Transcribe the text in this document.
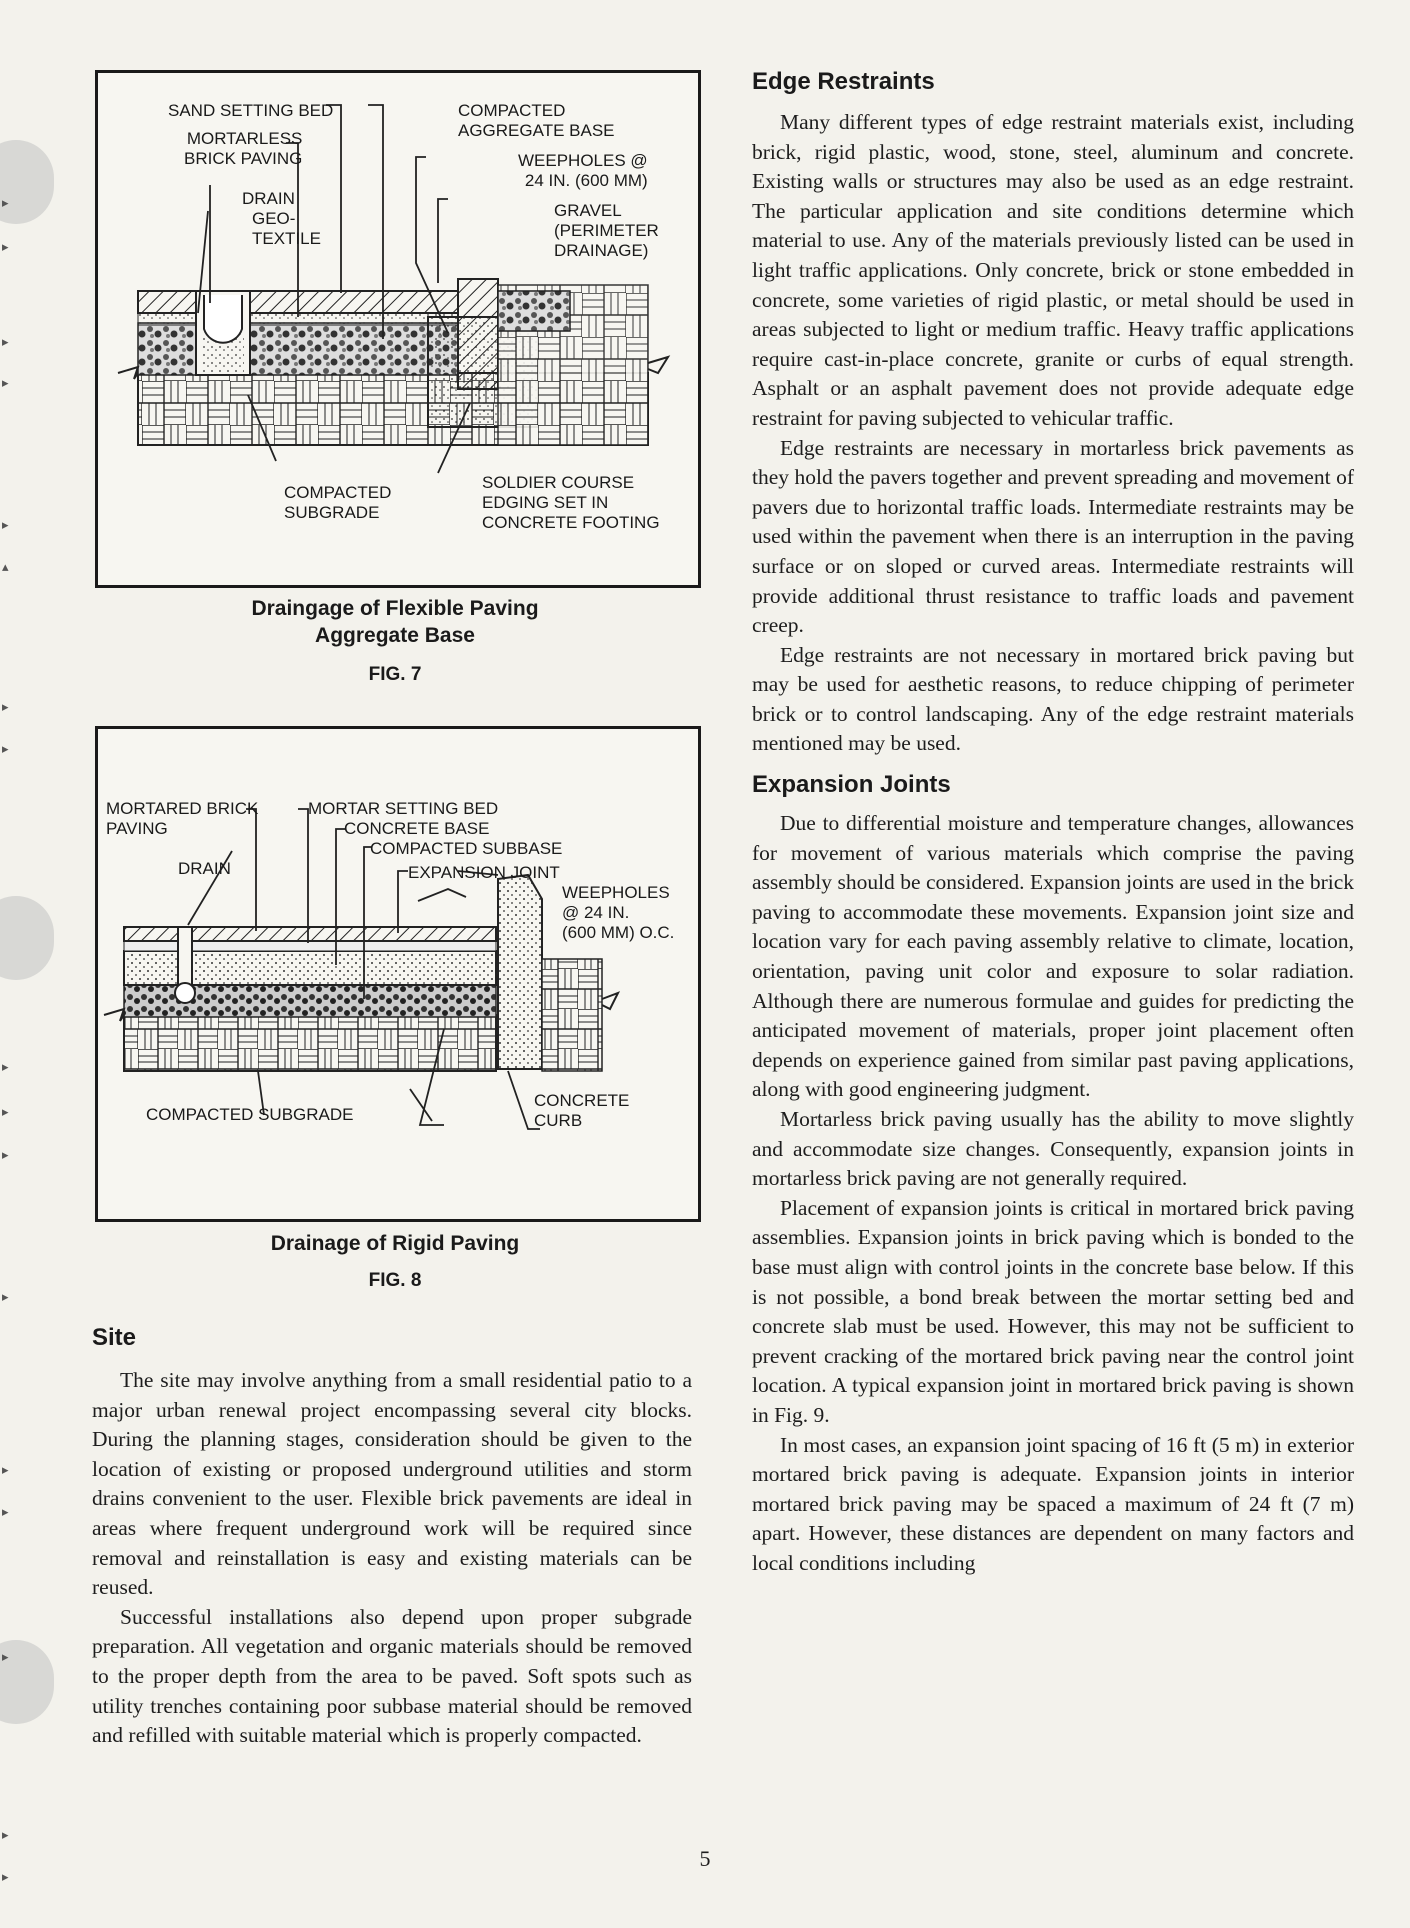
▸
▸
▸
▸
▸
▴
▸
▸
▸
▸
▸
▸
▸
▸
▸
▸
▸
SAND SETTING BED
MORTARLESS
BRICK PAVING
DRAIN
GEO-
TEXTILE
COMPACTED
AGGREGATE BASE
WEEPHOLES @
24 IN. (600 MM)
GRAVEL
(PERIMETER
DRAINAGE)
COMPACTED
SUBGRADE
SOLDIER COURSE
EDGING SET IN
CONCRETE FOOTING
Draingage of Flexible Paving
Aggregate Base
FIG. 7
MORTARED BRICK
PAVING
DRAIN
MORTAR SETTING BED
CONCRETE BASE
COMPACTED SUBBASE
EXPANSION JOINT
WEEPHOLES
@ 24 IN.
(600 MM) O.C.
COMPACTED SUBGRADE
CONCRETE
CURB
Drainage of Rigid Paving
FIG. 8
Site

The site may involve anything from a small residential patio to a major urban renewal project encompassing several city blocks. During the planning stages, consideration should be given to the location of existing or proposed underground utilities and storm drains convenient to the user. Flexible brick pavements are ideal in areas where frequent underground work will be required since removal and reinstallation is easy and existing materials can be reused.

Successful installations also depend upon proper subgrade preparation. All vegetation and organic materials should be removed to the proper depth from the area to be paved. Soft spots such as utility trenches containing poor subbase material should be removed and refilled with suitable material which is properly compacted.

Edge Restraints

Many different types of edge restraint materials exist, including brick, rigid plastic, wood, stone, steel, aluminum and concrete. Existing walls or structures may also be used as an edge restraint. The particular application and site conditions determine which material to use. Any of the materials previously listed can be used in light traffic applications. Only concrete, brick or stone embedded in concrete, some varieties of rigid plastic, or metal should be used in areas subjected to light or medium traffic. Heavy traffic applications require cast-in-place concrete, granite or curbs of equal strength. Asphalt or an asphalt pavement does not provide adequate edge restraint for paving subjected to vehicular traffic.

Edge restraints are necessary in mortarless brick pavements as they hold the pavers together and prevent spreading and movement of pavers due to horizontal traffic loads. Intermediate restraints may be used within the pavement when there is an interruption in the paving surface or on sloped or curved areas. Intermediate restraints will provide additional thrust resistance to traffic loads and pavement creep.

Edge restraints are not necessary in mortared brick paving but may be used for aesthetic reasons, to reduce chipping of perimeter brick or to control landscaping. Any of the edge restraint materials mentioned may be used.

Expansion Joints

Due to differential moisture and temperature changes, allowances for movement of various materials which comprise the paving assembly should be considered. Expansion joints are used in the brick paving to accommodate these movements. Expansion joint size and location vary for each paving assembly relative to climate, location, orientation, paving unit color and exposure to solar radiation. Although there are numerous formulae and guides for predicting the anticipated movement of materials, proper joint placement often depends on experience gained from similar past paving applications, along with good engineering judgment.

Mortarless brick paving usually has the ability to move slightly and accommodate size changes. Consequently, expansion joints in mortarless brick paving are not generally required.

Placement of expansion joints is critical in mortared brick paving assemblies. Expansion joints in brick paving which is bonded to the base must align with control joints in the concrete base below. If this is not possible, a bond break between the mortar setting bed and concrete slab must be used. However, this may not be sufficient to prevent cracking of the mortared brick paving near the control joint location. A typical expansion joint in mortared brick paving is shown in Fig. 9.

In most cases, an expansion joint spacing of 16 ft (5 m) in exterior mortared brick paving is adequate. Expansion joints in interior mortared brick paving may be spaced a maximum of 24 ft (7 m) apart. However, these distances are dependent on many factors and local conditions including

5
